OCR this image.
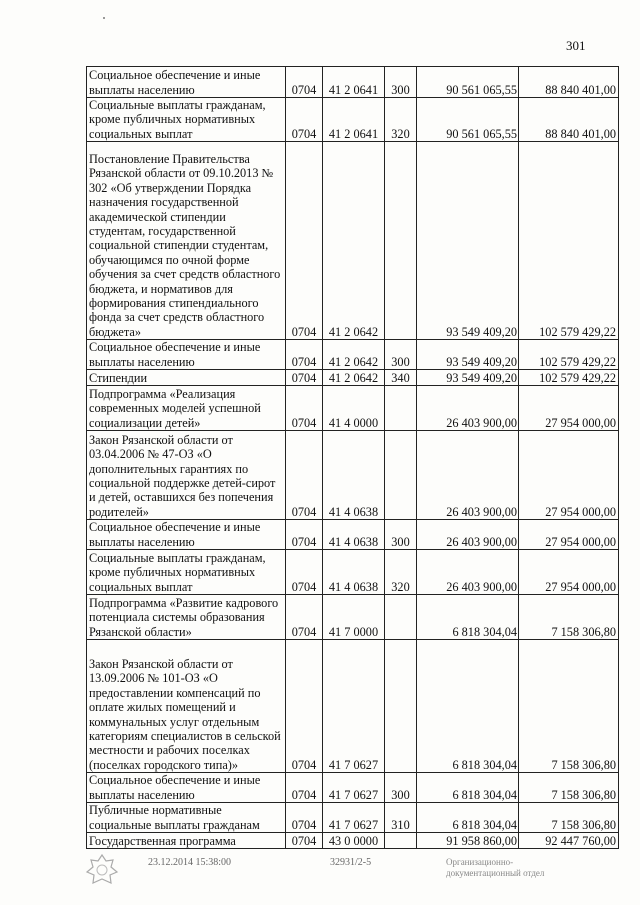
301
Социальное обеспечение и иные выплаты населению	0704	41 2 0641	300	90 561 065,55	88 840 401,00
Социальные выплаты гражданам, кроме публичных нормативных социальных выплат	0704	41 2 0641	320	90 561 065,55	88 840 401,00
Постановление Правительства Рязанской области от 09.10.2013 № 302 «Об утверждении Порядка назначения государственной академической стипендии студентам, государственной социальной стипендии студентам, обучающимся по очной форме обучения за счет средств областного бюджета, и нормативов для формирования стипендиального фонда за счет средств областного бюджета»	0704	41 2 0642		93 549 409,20	102 579 429,22
Социальное обеспечение и иные выплаты населению	0704	41 2 0642	300	93 549 409,20	102 579 429,22
Стипендии	0704	41 2 0642	340	93 549 409,20	102 579 429,22
Подпрограмма «Реализация современных моделей успешной социализации детей»	0704	41 4 0000		26 403 900,00	27 954 000,00
Закон Рязанской области от 03.04.2006 № 47-ОЗ «О дополнительных гарантиях по социальной поддержке детей-сирот и детей, оставшихся без попечения родителей»	0704	41 4 0638		26 403 900,00	27 954 000,00
Социальное обеспечение и иные выплаты населению	0704	41 4 0638	300	26 403 900,00	27 954 000,00
Социальные выплаты гражданам, кроме публичных нормативных социальных выплат	0704	41 4 0638	320	26 403 900,00	27 954 000,00
Подпрограмма «Развитие кадрового потенциала системы образования Рязанской области»	0704	41 7 0000		6 818 304,04	7 158 306,80
Закон Рязанской области от 13.09.2006 № 101-ОЗ «О предоставлении компенсаций по оплате жилых помещений и коммунальных услуг отдельным категориям специалистов в сельской местности и рабочих поселках (поселках городского типа)»	0704	41 7 0627		6 818 304,04	7 158 306,80
Социальное обеспечение и иные выплаты населению	0704	41 7 0627	300	6 818 304,04	7 158 306,80
Публичные нормативные социальные выплаты гражданам	0704	41 7 0627	310	6 818 304,04	7 158 306,80
Государственная программа	0704	43 0 0000		91 958 860,00	92 447 760,00
23.12.2014 15:38:00	32931/2-5	Организационно-документационный отдел
